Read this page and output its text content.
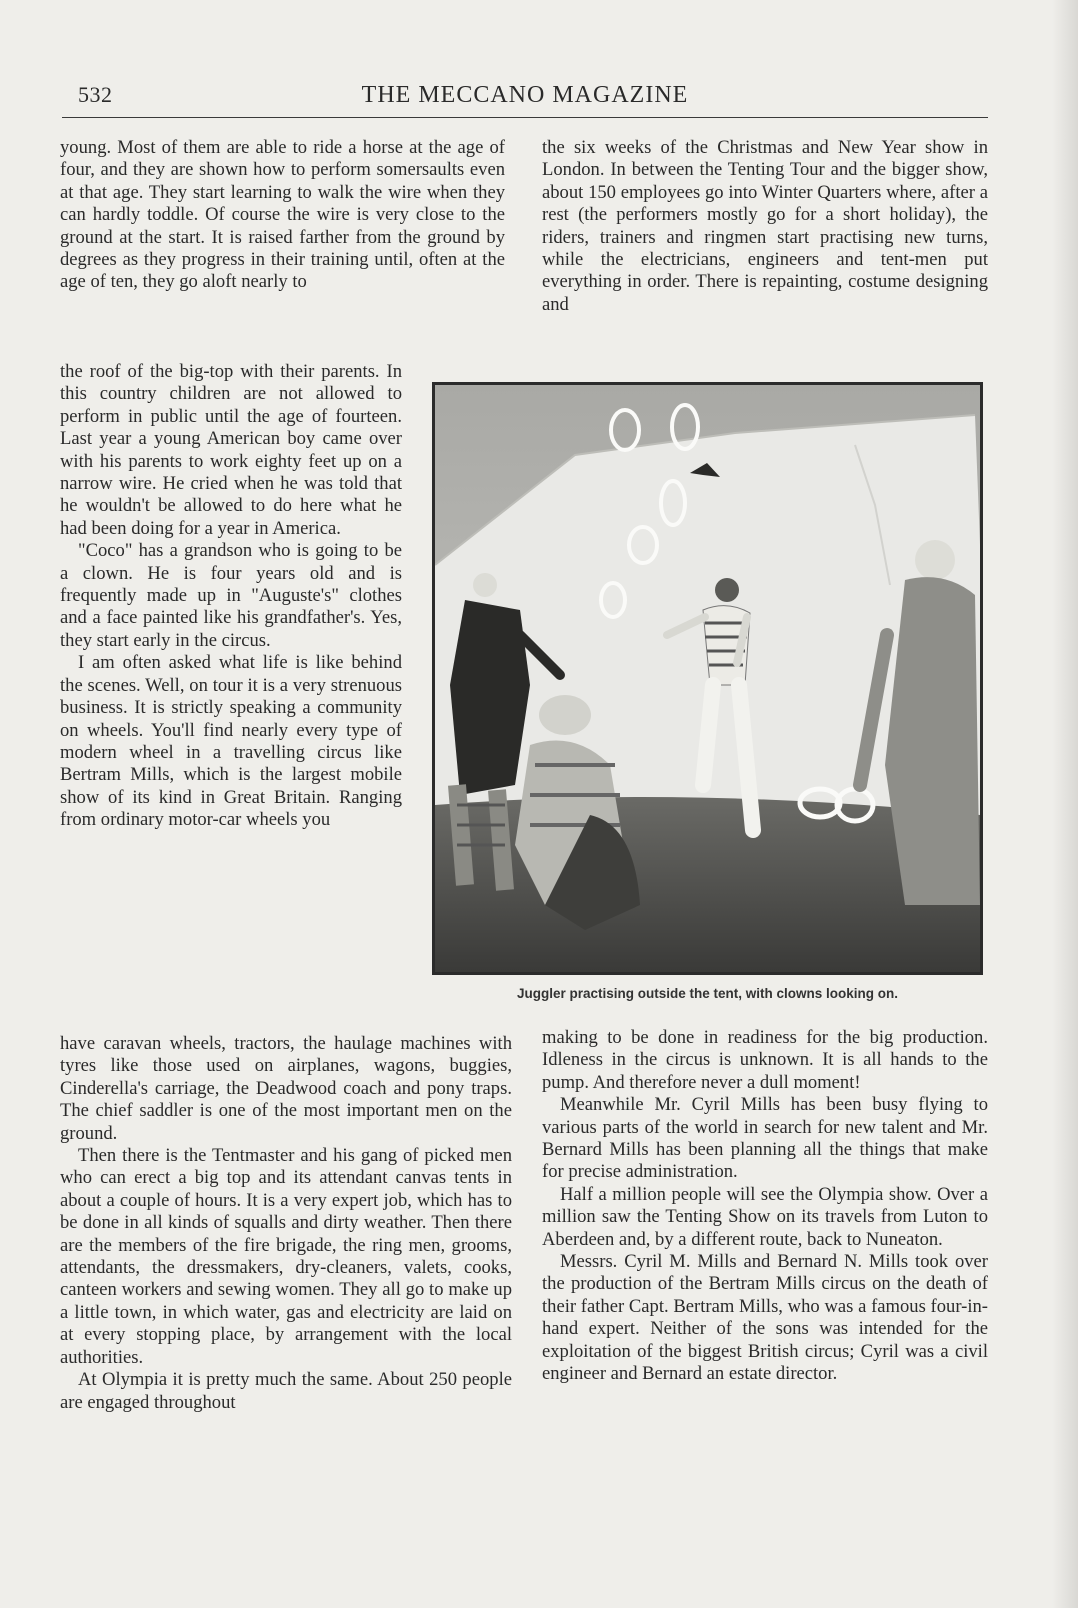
532	THE MECCANO MAGAZINE

young. Most of them are able to ride a horse at the age of four, and they are shown how to perform somersaults even at that age. They start learning to walk the wire when they can hardly toddle. Of course the wire is very close to the ground at the start. It is raised farther from the ground by degrees as they progress in their training until, often at the age of ten, they go aloft nearly to

the roof of the big-top with their parents. In this country children are not allowed to perform in public until the age of fourteen. Last year a young American boy came over with his parents to work eighty feet up on a narrow wire. He cried when he was told that he wouldn't be allowed to do here what he had been doing for a year in America.

"Coco" has a grandson who is going to be a clown. He is four years old and is frequently made up in "Auguste's" clothes and a face painted like his grandfather's. Yes, they start early in the circus.

I am often asked what life is like behind the scenes. Well, on tour it is a very strenuous business. It is strictly speaking a community on wheels. You'll find nearly every type of modern wheel in a travelling circus like Bertram Mills, which is the largest mobile show of its kind in Great Britain. Ranging from ordinary motor-car wheels you

have caravan wheels, tractors, the haulage machines with tyres like those used on airplanes, wagons, buggies, Cinderella's carriage, the Deadwood coach and pony traps. The chief saddler is one of the most important men on the ground.

Then there is the Tentmaster and his gang of picked men who can erect a big top and its attendant canvas tents in about a couple of hours. It is a very expert job, which has to be done in all kinds of squalls and dirty weather. Then there are the members of the fire brigade, the ring men, grooms, attendants, the dressmakers, dry-cleaners, valets, cooks, canteen workers and sewing women. They all go to make up a little town, in which water, gas and electricity are laid on at every stopping place, by arrangement with the local authorities.

At Olympia it is pretty much the same. About 250 people are engaged throughout

the six weeks of the Christmas and New Year show in London. In between the Tenting Tour and the bigger show, about 150 employees go into Winter Quarters where, after a rest (the performers mostly go for a short holiday), the riders, trainers and ringmen start practising new turns, while the electricians, engineers and tent-men put everything in order. There is repainting, costume designing and

making to be done in readiness for the big production. Idleness in the circus is unknown. It is all hands to the pump. And therefore never a dull moment!

Meanwhile Mr. Cyril Mills has been busy flying to various parts of the world in search for new talent and Mr. Bernard Mills has been planning all the things that make for precise administration.

Half a million people will see the Olympia show. Over a million saw the Tenting Show on its travels from Luton to Aberdeen and, by a different route, back to Nuneaton.

Messrs. Cyril M. Mills and Bernard N. Mills took over the production of the Bertram Mills circus on the death of their father Capt. Bertram Mills, who was a famous four-in-hand expert. Neither of the sons was intended for the exploitation of the biggest British circus; Cyril was a civil engineer and Bernard an estate director.

Juggler practising outside the tent, with clowns looking on.
